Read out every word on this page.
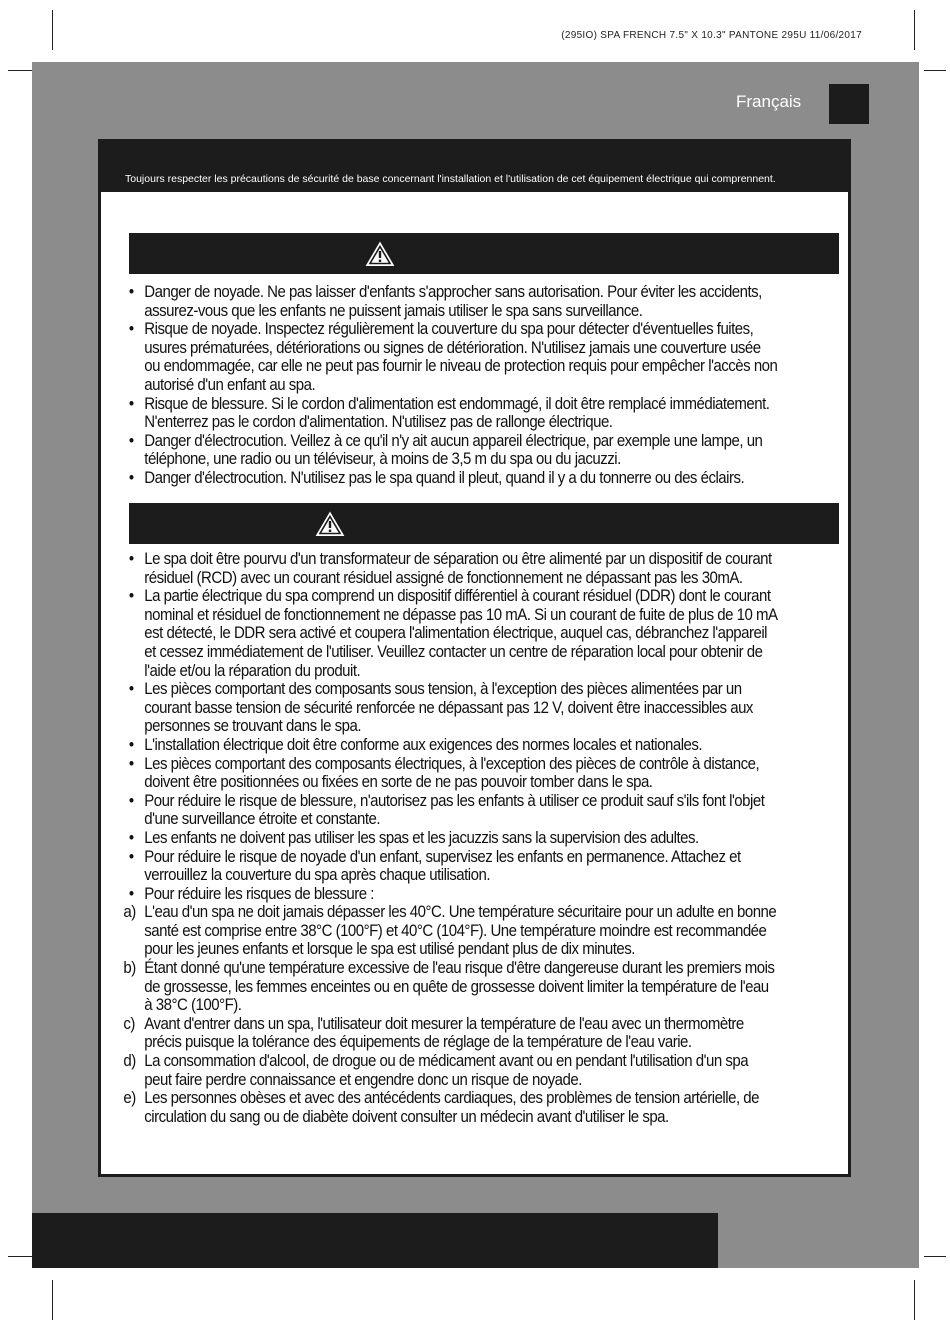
(295IO) SPA FRENCH 7.5" X 10.3" PANTONE 295U 11/06/2017
Français
Toujours respecter les précautions de sécurité de base concernant l'installation et l'utilisation de cet équipement électrique qui comprennent.
• Danger de noyade. Ne pas laisser d'enfants s'approcher sans autorisation. Pour éviter les accidents, assurez-vous que les enfants ne puissent jamais utiliser le spa sans surveillance.
• Risque de noyade. Inspectez régulièrement la couverture du spa pour détecter d'éventuelles fuites, usures prématurées, détériorations ou signes de détérioration. N'utilisez jamais une couverture usée ou endommagée, car elle ne peut pas fournir le niveau de protection requis pour empêcher l'accès non autorisé d'un enfant au spa.
• Risque de blessure. Si le cordon d'alimentation est endommagé, il doit être remplacé immédiatement. N'enterrez pas le cordon d'alimentation. N'utilisez pas de rallonge électrique.
• Danger d'électrocution. Veillez à ce qu'il n'y ait aucun appareil électrique, par exemple une lampe, un téléphone, une radio ou un téléviseur, à moins de 3,5 m du spa ou du jacuzzi.
• Danger d'électrocution. N'utilisez pas le spa quand il pleut, quand il y a du tonnerre ou des éclairs.
• Le spa doit être pourvu d'un transformateur de séparation ou être alimenté par un dispositif de courant résiduel (RCD) avec un courant résiduel assigné de fonctionnement ne dépassant pas les 30mA.
• La partie électrique du spa comprend un dispositif différentiel à courant résiduel (DDR) dont le courant nominal et résiduel de fonctionnement ne dépasse pas 10 mA. Si un courant de fuite de plus de 10 mA est détecté, le DDR sera activé et coupera l'alimentation électrique, auquel cas, débranchez l'appareil et cessez immédiatement de l'utiliser. Veuillez contacter un centre de réparation local pour obtenir de l'aide et/ou la réparation du produit.
• Les pièces comportant des composants sous tension, à l'exception des pièces alimentées par un courant basse tension de sécurité renforcée ne dépassant pas 12 V, doivent être inaccessibles aux personnes se trouvant dans le spa.
• L'installation électrique doit être conforme aux exigences des normes locales et nationales.
• Les pièces comportant des composants électriques, à l'exception des pièces de contrôle à distance, doivent être positionnées ou fixées en sorte de ne pas pouvoir tomber dans le spa.
• Pour réduire le risque de blessure, n'autorisez pas les enfants à utiliser ce produit sauf s'ils font l'objet d'une surveillance étroite et constante.
• Les enfants ne doivent pas utiliser les spas et les jacuzzis sans la supervision des adultes.
• Pour réduire le risque de noyade d'un enfant, supervisez les enfants en permanence. Attachez et verrouillez la couverture du spa après chaque utilisation.
• Pour réduire les risques de blessure :
a) L'eau d'un spa ne doit jamais dépasser les 40°C. Une température sécuritaire pour un adulte en bonne santé est comprise entre 38°C (100°F) et 40°C (104°F). Une température moindre est recommandée pour les jeunes enfants et lorsque le spa est utilisé pendant plus de dix minutes.
b) Étant donné qu'une température excessive de l'eau risque d'être dangereuse durant les premiers mois de grossesse, les femmes enceintes ou en quête de grossesse doivent limiter la température de l'eau à 38°C (100°F).
c) Avant d'entrer dans un spa, l'utilisateur doit mesurer la température de l'eau avec un thermomètre précis puisque la tolérance des équipements de réglage de la température de l'eau varie.
d) La consommation d'alcool, de drogue ou de médicament avant ou en pendant l'utilisation d'un spa peut faire perdre connaissance et engendre donc un risque de noyade.
e) Les personnes obèses et avec des antécédents cardiaques, des problèmes de tension artérielle, de circulation du sang ou de diabète doivent consulter un médecin avant d'utiliser le spa.
